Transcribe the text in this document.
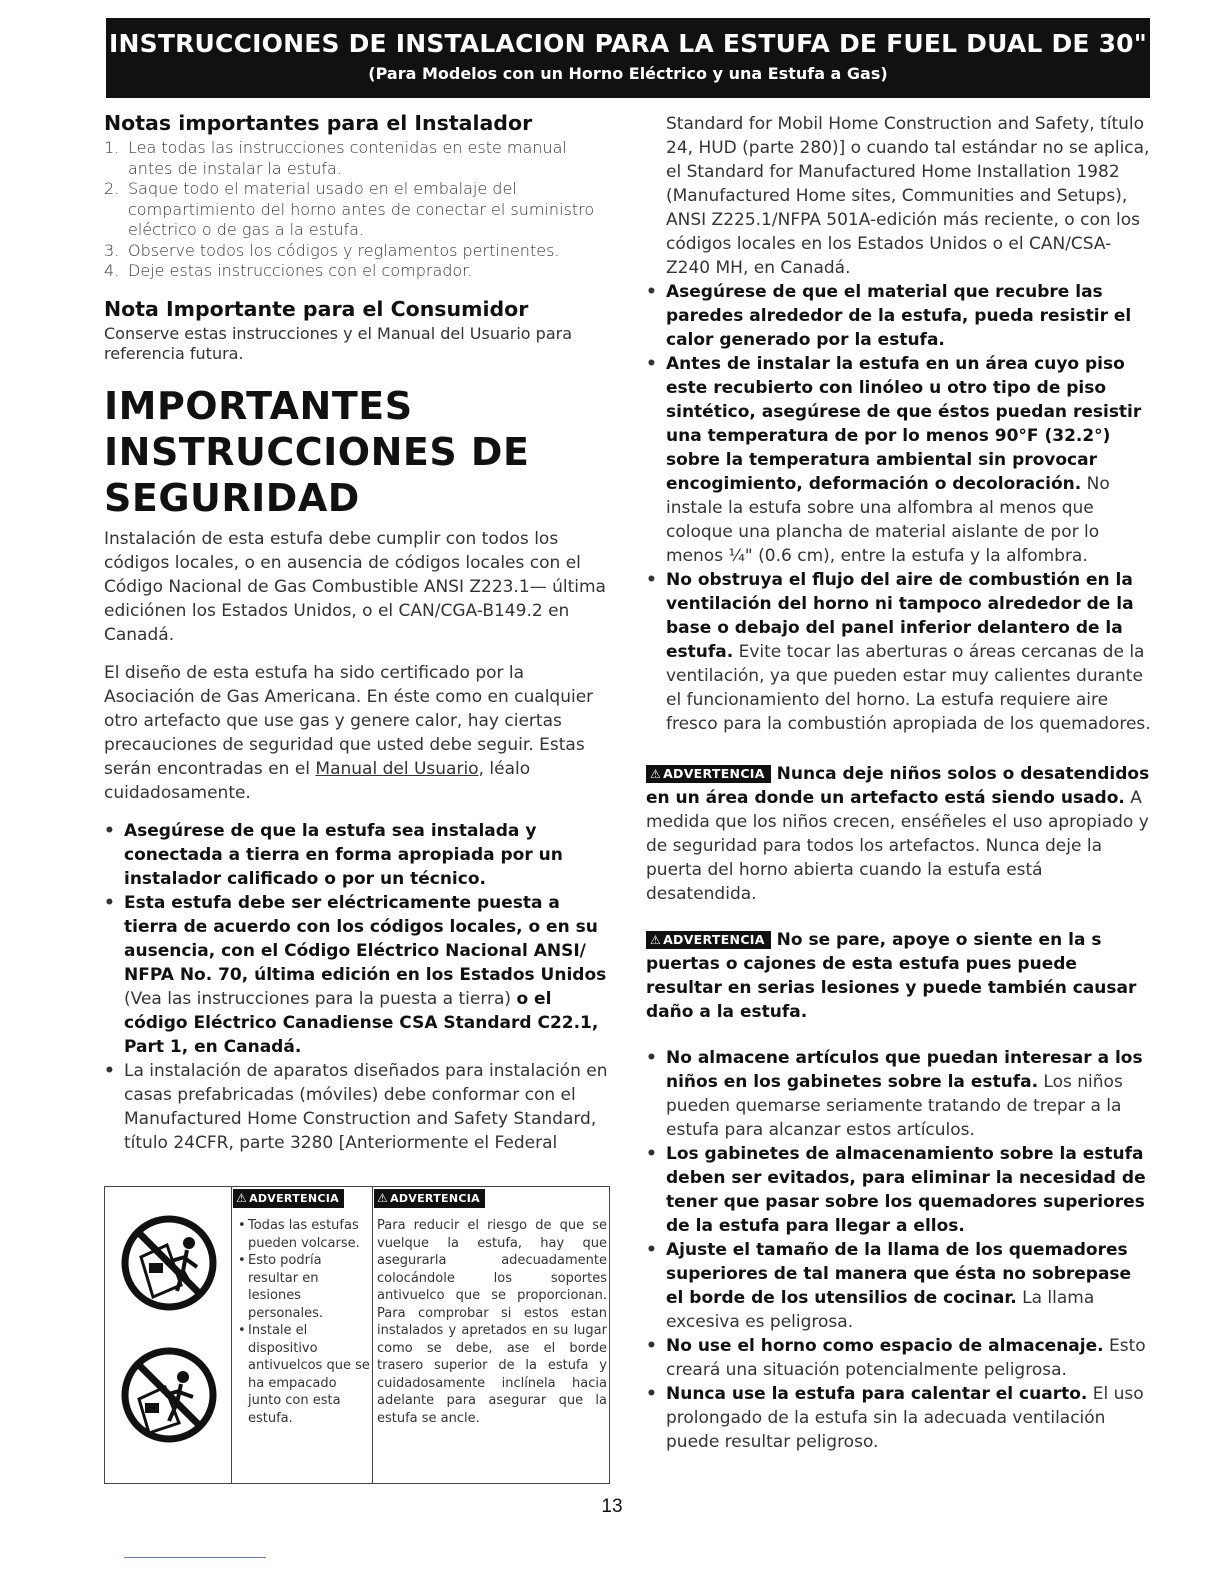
INSTRUCCIONES DE INSTALACION PARA LA ESTUFA DE FUEL DUAL DE 30"
(Para Modelos con un Horno Eléctrico y una Estufa a Gas)
Notas importantes para el Instalador
1. Lea todas las instrucciones contenidas en este manual antes de instalar la estufa.
2. Saque todo el material usado en el embalaje del compartimiento del horno antes de conectar el suministro eléctrico o de gas a la estufa.
3. Observe todos los códigos y reglamentos pertinentes.
4. Deje estas instrucciones con el comprador.
Nota Importante para el Consumidor

Conserve estas instrucciones y el Manual del Usuario para referencia futura.

IMPORTANTES
INSTRUCCIONES DE
SEGURIDAD

Instalación de esta estufa debe cumplir con todos los códigos locales, o en ausencia de códigos locales con el Código Nacional de Gas Combustible ANSI Z223.1— última ediciónen los Estados Unidos, o el CAN/CGA-B149.2 en Canadá.

El diseño de esta estufa ha sido certificado por la Asociación de Gas Americana. En éste como en cualquier otro artefacto que use gas y genere calor, hay ciertas precauciones de seguridad que usted debe seguir. Estas serán encontradas en el Manual del Usuario, léalo cuidadosamente.

• Asegúrese de que la estufa sea instalada y conectada a tierra en forma apropiada por un instalador calificado o por un técnico.
• Esta estufa debe ser eléctricamente puesta a tierra de acuerdo con los códigos locales, o en su ausencia, con el Código Eléctrico Nacional ANSI/ NFPA No. 70, última edición en los Estados Unidos (Vea las instrucciones para la puesta a tierra) o el código Eléctrico Canadiense CSA Standard C22.1, Part 1, en Canadá.
• La instalación de aparatos diseñados para instalación en casas prefabricadas (móviles) debe conformar con el Manufactured Home Construction and Safety Standard, título 24CFR, parte 3280 [Anteriormente el Federal
⚠ ADVERTENCIA	⚠ ADVERTENCIA
• Todas las estufas pueden volcarse.
• Esto podría resultar en lesiones personales.
• Instale el dispositivo antivuelcos que se ha empacado junto con esta estufa.

Para reducir el riesgo de que se vuelque la estufa, hay que asegurarla adecuadamente colocándole los soportes antivuelco que se proporcionan. Para comprobar si estos estan instalados y apretados en su lugar como se debe, ase el borde trasero superior de la estufa y cuidadosamente inclínela hacia adelante para asegurar que la estufa se ancle.

Standard for Mobil Home Construction and Safety, título 24, HUD (parte 280)] o cuando tal estándar no se aplica, el Standard for Manufactured Home Installation 1982 (Manufactured Home sites, Communities and Setups), ANSI Z225.1/NFPA 501A-edición más reciente, o con los códigos locales en los Estados Unidos o el CAN/CSA-Z240 MH, en Canadá.

• Asegúrese de que el material que recubre las paredes alrededor de la estufa, pueda resistir el calor generado por la estufa.
• Antes de instalar la estufa en un área cuyo piso este recubierto con linóleo u otro tipo de piso sintético, asegúrese de que éstos puedan resistir una temperatura de por lo menos 90°F (32.2°) sobre la temperatura ambiental sin provocar encogimiento, deformación o decoloración. No instale la estufa sobre una alfombra al menos que coloque una plancha de material aislante de por lo menos ¼" (0.6 cm), entre la estufa y la alfombra.
• No obstruya el flujo del aire de combustión en la ventilación del horno ni tampoco alrededor de la base o debajo del panel inferior delantero de la estufa. Evite tocar las aberturas o áreas cercanas de la ventilación, ya que pueden estar muy calientes durante el funcionamiento del horno. La estufa requiere aire fresco para la combustión apropiada de los quemadores.

⚠ ADVERTENCIA Nunca deje niños solos o desatendidos en un área donde un artefacto está siendo usado. A medida que los niños crecen, enséñeles el uso apropiado y de seguridad para todos los artefactos. Nunca deje la puerta del horno abierta cuando la estufa está desatendida.

⚠ ADVERTENCIA No se pare, apoye o siente en la s puertas o cajones de esta estufa pues puede resultar en serias lesiones y puede también causar daño a la estufa.

• No almacene artículos que puedan interesar a los niños en los gabinetes sobre la estufa. Los niños pueden quemarse seriamente tratando de trepar a la estufa para alcanzar estos artículos.
• Los gabinetes de almacenamiento sobre la estufa deben ser evitados, para eliminar la necesidad de tener que pasar sobre los quemadores superiores de la estufa para llegar a ellos.
• Ajuste el tamaño de la llama de los quemadores superiores de tal manera que ésta no sobrepase el borde de los utensilios de cocinar. La llama excesiva es peligrosa.
• No use el horno como espacio de almacenaje. Esto creará una situación potencialmente peligrosa.
• Nunca use la estufa para calentar el cuarto. El uso prolongado de la estufa sin la adecuada ventilación puede resultar peligroso.
13
